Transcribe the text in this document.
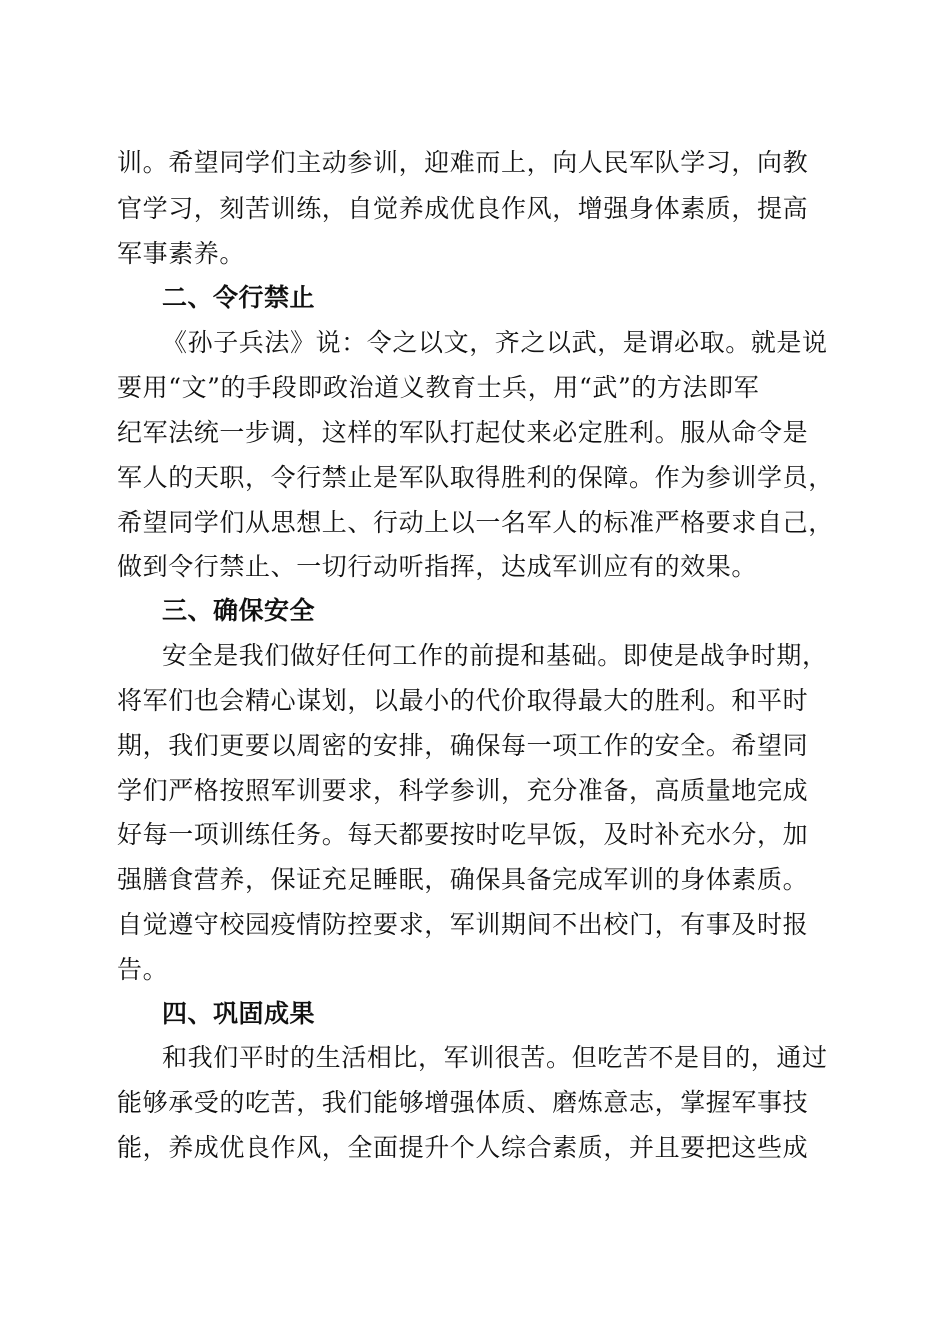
训。希望同学们主动参训，迎难而上，向人民军队学习，向教
官学习，刻苦训练，自觉养成优良作风，增强身体素质，提高
军事素养。
二、令行禁止
《孙子兵法》说：令之以文，齐之以武，是谓必取。就是说
要用“文”的手段即政治道义教育士兵，用“武”的方法即军
纪军法统一步调，这样的军队打起仗来必定胜利。服从命令是
军人的天职，令行禁止是军队取得胜利的保障。作为参训学员，
希望同学们从思想上、行动上以一名军人的标准严格要求自己，
做到令行禁止、一切行动听指挥，达成军训应有的效果。
三、确保安全
安全是我们做好任何工作的前提和基础。即使是战争时期，
将军们也会精心谋划，以最小的代价取得最大的胜利。和平时
期，我们更要以周密的安排，确保每一项工作的安全。希望同
学们严格按照军训要求，科学参训，充分准备，高质量地完成
好每一项训练任务。每天都要按时吃早饭，及时补充水分，加
强膳食营养，保证充足睡眠，确保具备完成军训的身体素质。
自觉遵守校园疫情防控要求，军训期间不出校门，有事及时报
告。
四、巩固成果
和我们平时的生活相比，军训很苦。但吃苦不是目的，通过
能够承受的吃苦，我们能够增强体质、磨炼意志，掌握军事技
能，养成优良作风，全面提升个人综合素质，并且要把这些成
